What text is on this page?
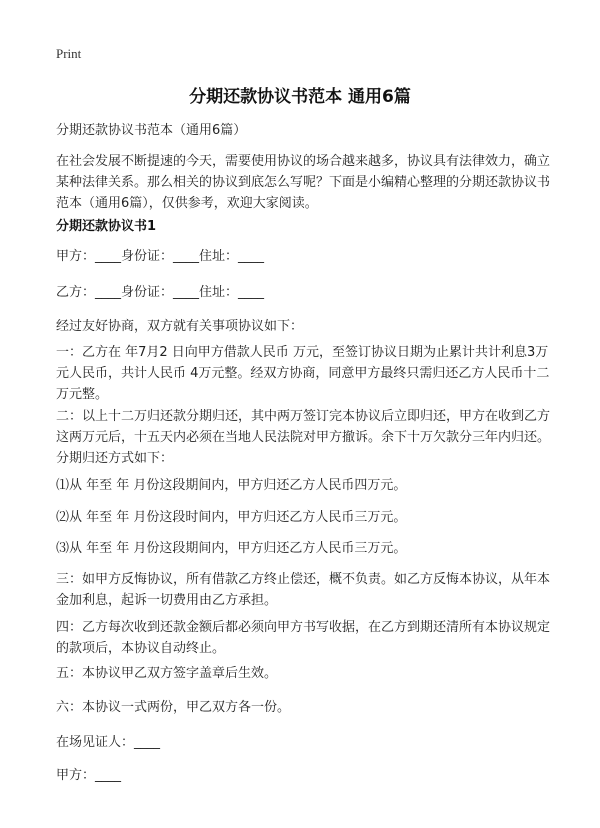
Print
分期还款协议书范本 通用6篇

分期还款协议书范本（通用6篇）

在社会发展不断提速的今天，需要使用协议的场合越来越多，协议具有法律效力，确立某种法律关系。那么相关的协议到底怎么写呢？下面是小编精心整理的分期还款协议书范本（通用6篇），仅供参考，欢迎大家阅读。

分期还款协议书1

甲方：____身份证：____住址：____

乙方：____身份证：____住址：____

经过友好协商，双方就有关事项协议如下：

一：乙方在 年7月2 日向甲方借款人民币 万元，至签订协议日期为止累计共计利息3万元人民币，共计人民币 4万元整。经双方协商，同意甲方最终只需归还乙方人民币十二万元整。

二：以上十二万归还款分期归还，其中两万签订完本协议后立即归还，甲方在收到乙方这两万元后，十五天内必须在当地人民法院对甲方撤诉。余下十万欠款分三年内归还。分期归还方式如下：

⑴从 年至 年 月份这段期间内，甲方归还乙方人民币四万元。

⑵从 年至 年 月份这段时间内，甲方归还乙方人民币三万元。

⑶从 年至 年 月份这段期间内，甲方归还乙方人民币三万元。

三：如甲方反悔协议，所有借款乙方终止偿还，概不负责。如乙方反悔本协议，从年本金加利息，起诉一切费用由乙方承担。

四：乙方每次收到还款金额后都必须向甲方书写收据，在乙方到期还清所有本协议规定的款项后，本协议自动终止。

五：本协议甲乙双方签字盖章后生效。

六：本协议一式两份，甲乙双方各一份。

在场见证人：____

甲方：____
